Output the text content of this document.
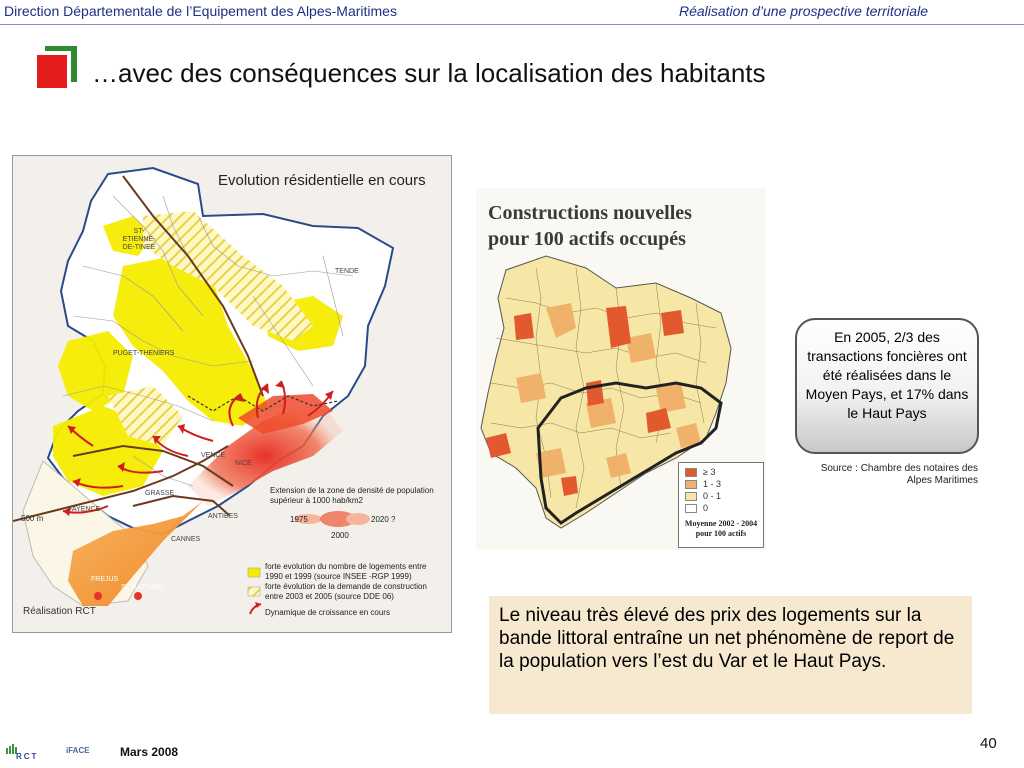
Direction Départementale de l’Equipement des Alpes-Maritimes	Réalisation d’une prospective territoriale
…avec des conséquences sur la localisation des habitants
Evolution résidentielle en cours
ST-ETIENNE-DE-TINEE
TENDE
PUGET-THENIERS
VENCE
NICE
GRASSE
FAYENCE
ANTIBES
CANNES
FREJUS
ST RAPHAEL
500 m
Extension de la zone de densité de population supérieur à 1000 hab/km2
1975	2020 ?
2000
forte evolution du nombre de logements entre 1990 et 1999 (source INSEE -RGP 1999)
forte évolution de la demande de construction entre 2003 et 2005 (source DDE 06)
Dynamique de croissance en cours
Réalisation RCT
Constructions nouvelles
pour 100 actifs occupés
≥ 3
1 - 3
0 - 1
0
Moyenne 2002 - 2004
pour 100 actifs
En 2005, 2/3 des transactions foncières ont été réalisées dans le Moyen Pays, et 17% dans le Haut Pays
Source : Chambre des notaires des Alpes Maritimes
Le niveau très élevé des prix des logements sur la bande littoral entraîne un net phénomène de report de la population vers l’est du Var et le Haut Pays.
RCT
iFACE	Mars 2008	40
